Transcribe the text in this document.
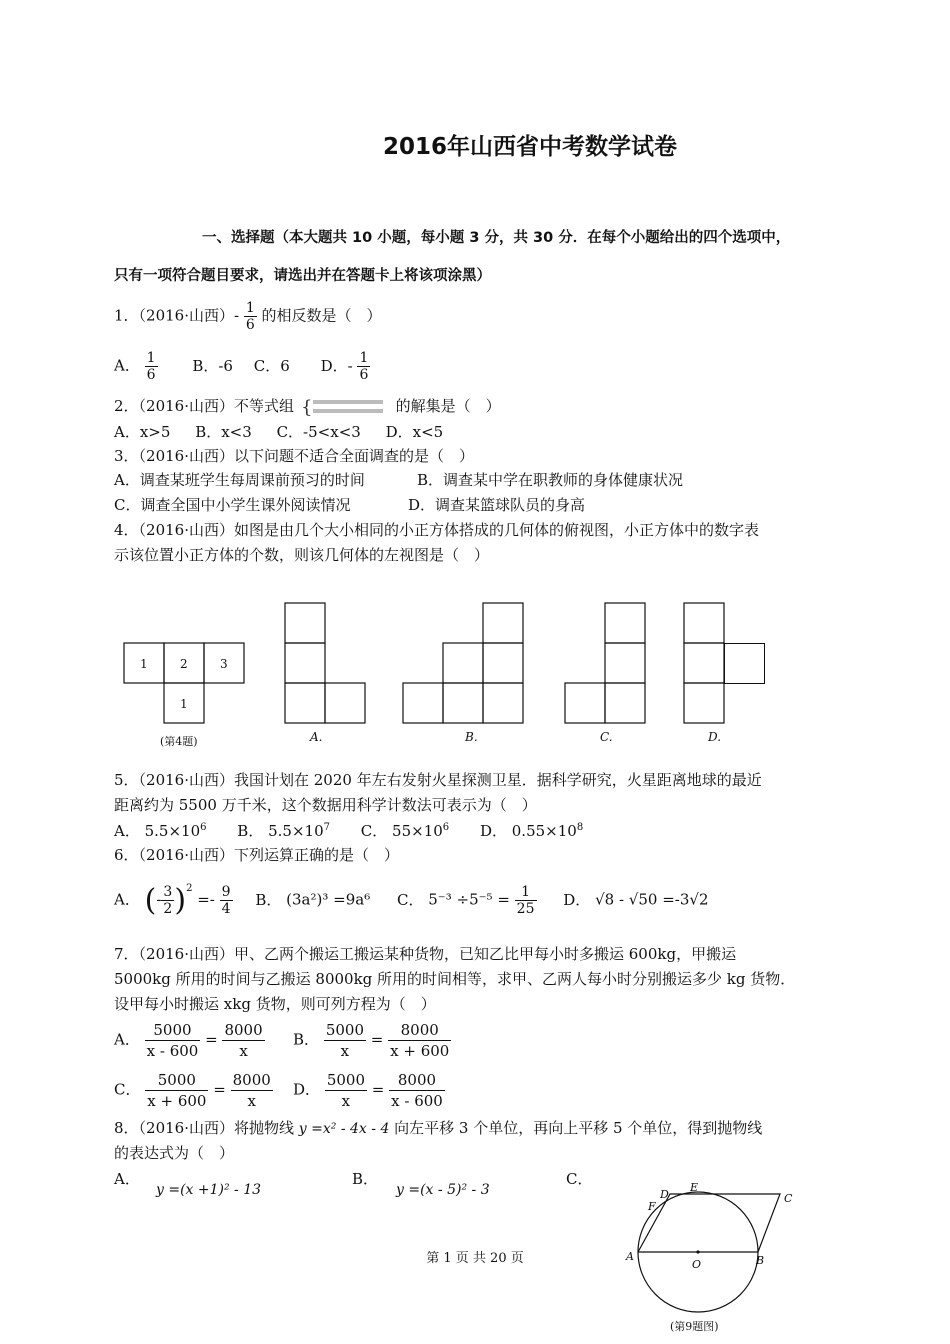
2016年山西省中考数学试卷
一、选择题（本大题共 10 小题，每小题 3 分，共 30 分．在每个小题给出的四个选项中，
只有一项符合题目要求，请选出并在答题卡上将该项涂黑）
1．（2016·山西）- $\frac{1}{6}$ 的相反数是（　）
A． $\frac{1}{6}$ B．-6 C．6 D．- $\frac{1}{6}$
2．（2016·山西）不等式组 {	的解集是（　）
A．x>5 B．x<3 C．-5<x<3 D．x<5
3．（2016·山西）以下问题不适合全面调查的是（　）
A．调查某班学生每周课前预习的时间	B．调查某中学在职教师的身体健康状况
C．调查全国中小学生课外阅读情况	D．调查某篮球队员的身高
4．（2016·山西）如图是由几个大小相同的小正方体搭成的几何体的俯视图，小正方体中的数字表
示该位置小正方体的个数，则该几何体的左视图是（　）
1	2	3
1
(第4题)	A.	B.	C.	D.
5．（2016·山西）我国计划在 2020 年左右发射火星探测卫星．据科学研究，火星距离地球的最近
距离约为 5500 万千米，这个数据用科学计数法可表示为（　）
A． $5.5\times 10^6$ B． $5.5\times 10^7$ C． $55\times 10^6$ D． $0.55\times 10^8$
6．（2016·山西）下列运算正确的是（　）
A． (- $\frac{3}{2} )^2 =- \frac{9}{4}$ B． (3a²)³ =9a⁶ C． $5^{-3} \div 5^{-5} = \frac{1}{25}$ D． √8 - √50 =-3√2
7．（2016·山西）甲、乙两个搬运工搬运某种货物，已知乙比甲每小时多搬运 600kg，甲搬运
5000kg 所用的时间与乙搬运 8000kg 所用的时间相等，求甲、乙两人每小时分别搬运多少 kg 货物．
设甲每小时搬运 xkg 货物，则可列方程为（　）
A． $\frac{5000}{x - 600} = \frac{8000}{x}$ B． $\frac{5000}{x} = \frac{8000}{x + 600}$
C． $\frac{5000}{x + 600} = \frac{8000}{x}$ D． $\frac{5000}{x} = \frac{8000}{x - 600}$
8．（2016·山西）将抛物线 y =x² - 4x - 4 向左平移 3 个单位，再向上平移 5 个单位，得到抛物线
的表达式为（　）
A．
y =(x +1)² - 13
B．
y =(x - 5)² - 3
C．
D
E
C
F
A
O	B
(第9题图)
第 1 页 共 20 页
